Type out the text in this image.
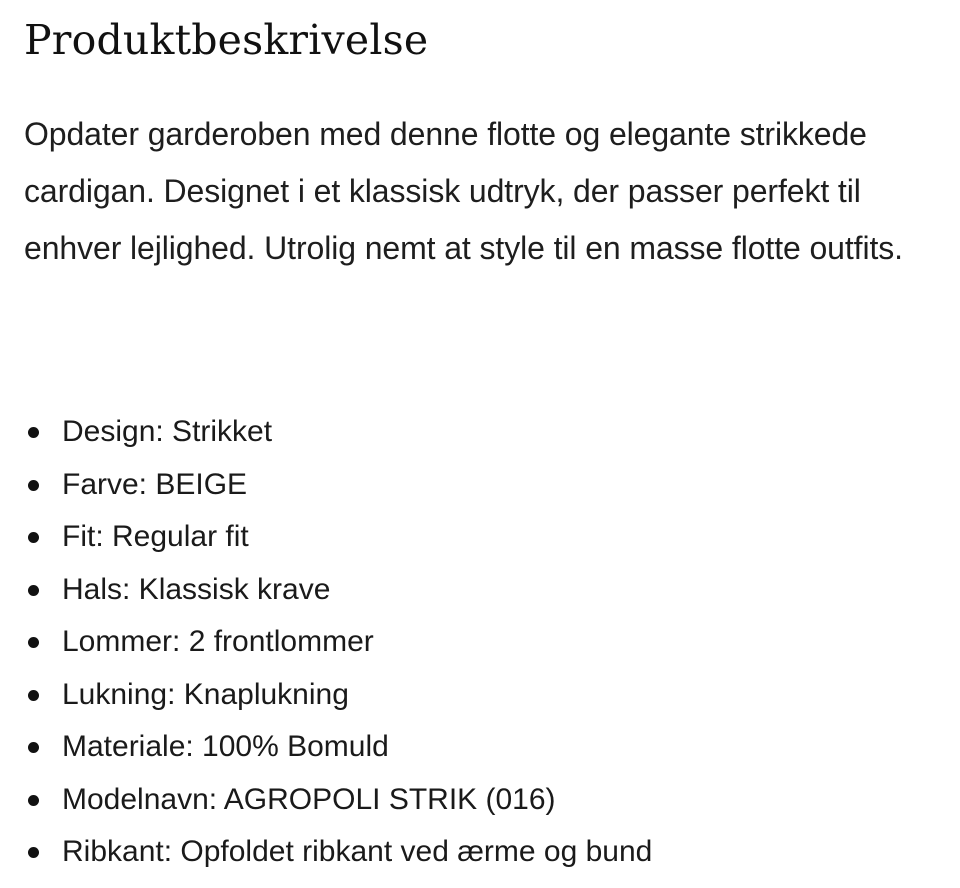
Produktbeskrivelse

Opdater garderoben med denne flotte og elegante strikkede cardigan. Designet i et klassisk udtryk, der passer perfekt til enhver lejlighed. Utrolig nemt at style til en masse flotte outfits.

Design: Strikket
Farve: BEIGE
Fit: Regular fit
Hals: Klassisk krave
Lommer: 2 frontlommer
Lukning: Knaplukning
Materiale: 100% Bomuld
Modelnavn: AGROPOLI STRIK (016)
Ribkant: Opfoldet ribkant ved ærme og bund
